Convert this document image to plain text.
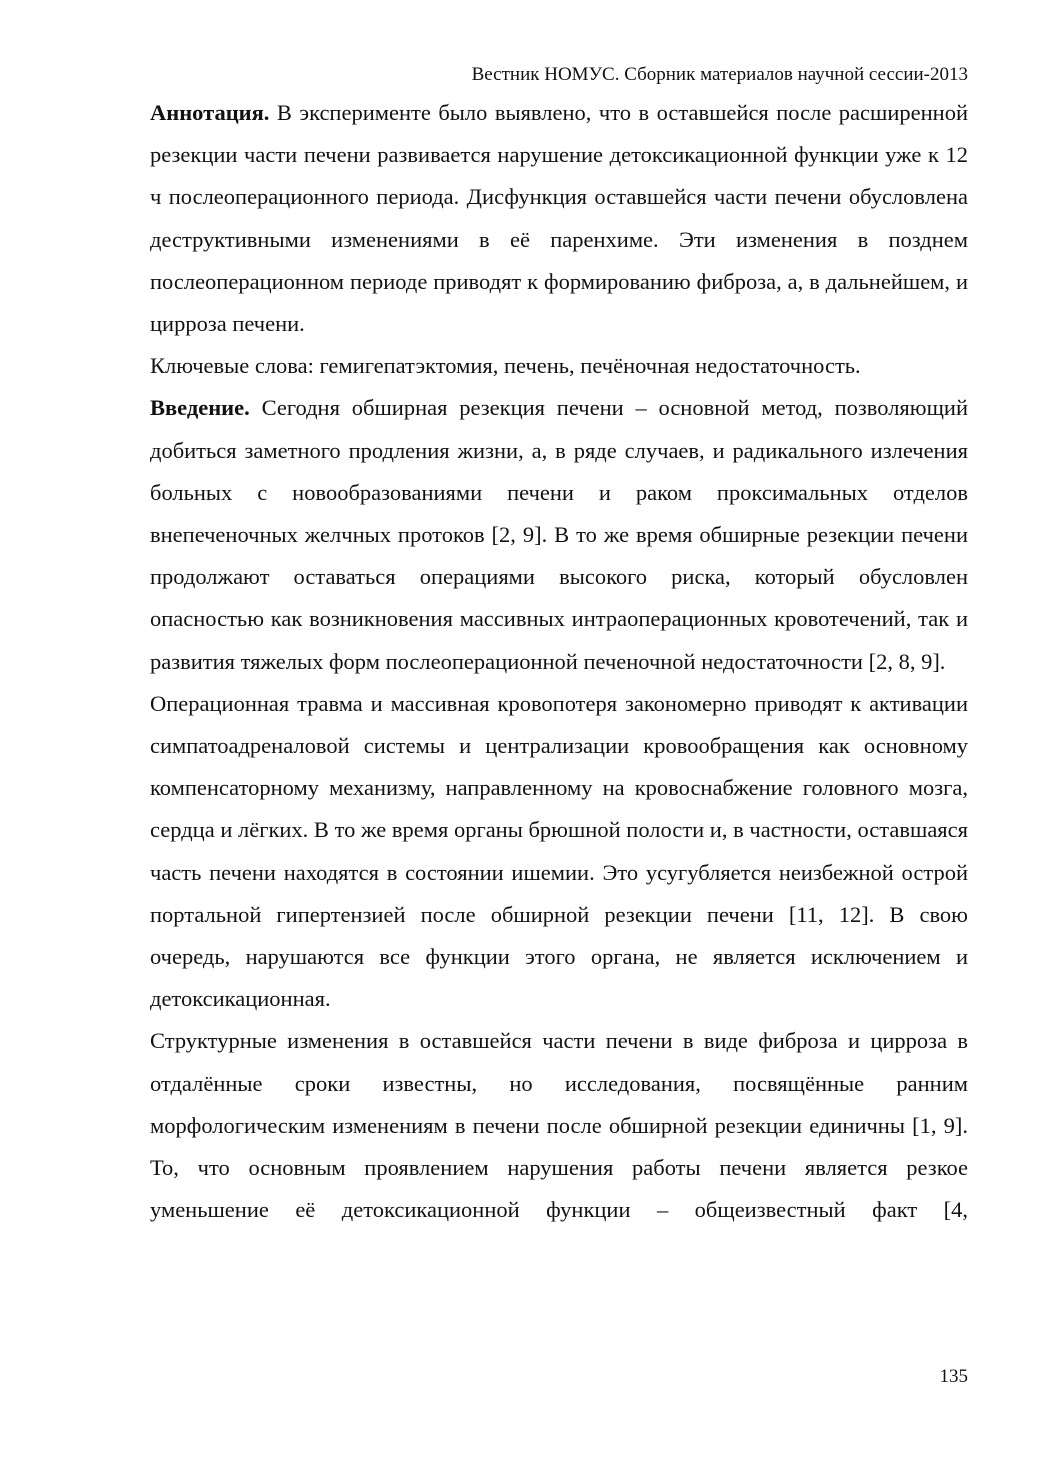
Вестник НОМУС. Сборник материалов научной сессии-2013

Аннотация. В эксперименте было выявлено, что в оставшейся после расширенной резекции части печени развивается нарушение детоксикационной функции уже к 12 ч послеоперационного периода. Дисфункция оставшейся части печени обусловлена деструктивными изменениями в её паренхиме. Эти изменения в позднем послеоперационном периоде приводят к формированию фиброза, а, в дальнейшем, и цирроза печени.

Ключевые слова: гемигепатэктомия, печень, печёночная недостаточность.

Введение. Сегодня обширная резекция печени – основной метод, позволяющий добиться заметного продления жизни, а, в ряде случаев, и радикального излечения больных с новообразованиями печени и раком проксимальных отделов внепеченочных желчных протоков [2, 9]. В то же время обширные резекции печени продолжают оставаться операциями высокого риска, который обусловлен опасностью как возникновения массивных интраоперационных кровотечений, так и развития тяжелых форм послеоперационной печеночной недостаточности [2, 8, 9].

Операционная травма и массивная кровопотеря закономерно приводят к активации симпатоадреналовой системы и централизации кровообращения как основному компенсаторному механизму, направленному на кровоснабжение головного мозга, сердца и лёгких. В то же время органы брюшной полости и, в частности, оставшаяся часть печени находятся в состоянии ишемии. Это усугубляется неизбежной острой портальной гипертензией после обширной резекции печени [11, 12]. В свою очередь, нарушаются все функции этого органа, не является исключением и детоксикационная.

Структурные изменения в оставшейся части печени в виде фиброза и цирроза в отдалённые сроки известны, но исследования, посвящённые ранним морфологическим изменениям в печени после обширной резекции единичны [1, 9]. То, что основным проявлением нарушения работы печени является резкое уменьшение её детоксикационной функции – общеизвестный факт [4,

135
